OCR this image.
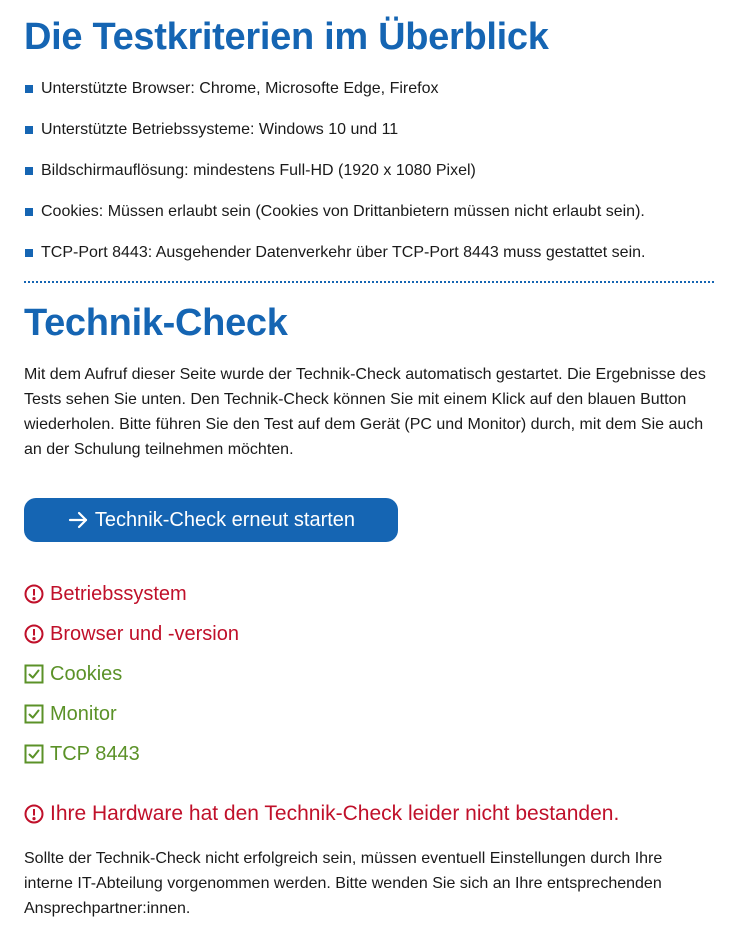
Die Testkriterien im Überblick
Unterstützte Browser: Chrome, Microsofte Edge, Firefox
Unterstützte Betriebssysteme: Windows 10 und 11
Bildschirmauflösung: mindestens Full-HD (1920 x 1080 Pixel)
Cookies: Müssen erlaubt sein (Cookies von Drittanbietern müssen nicht erlaubt sein).
TCP-Port 8443: Ausgehender Datenverkehr über TCP-Port 8443 muss gestattet sein.
Technik-Check

Mit dem Aufruf dieser Seite wurde der Technik-Check automatisch gestartet. Die Ergebnisse des Tests sehen Sie unten. Den Technik-Check können Sie mit einem Klick auf den blauen Button wiederholen. Bitte führen Sie den Test auf dem Gerät (PC und Monitor) durch, mit dem Sie auch an der Schulung teilnehmen möchten.

Technik-Check erneut starten
Betriebssystem
Browser und -version
Cookies
Monitor
TCP 8443
Ihre Hardware hat den Technik-Check leider nicht bestanden.

Sollte der Technik-Check nicht erfolgreich sein, müssen eventuell Einstellungen durch Ihre interne IT-Abteilung vorgenommen werden. Bitte wenden Sie sich an Ihre entsprechenden Ansprechpartner:innen.
